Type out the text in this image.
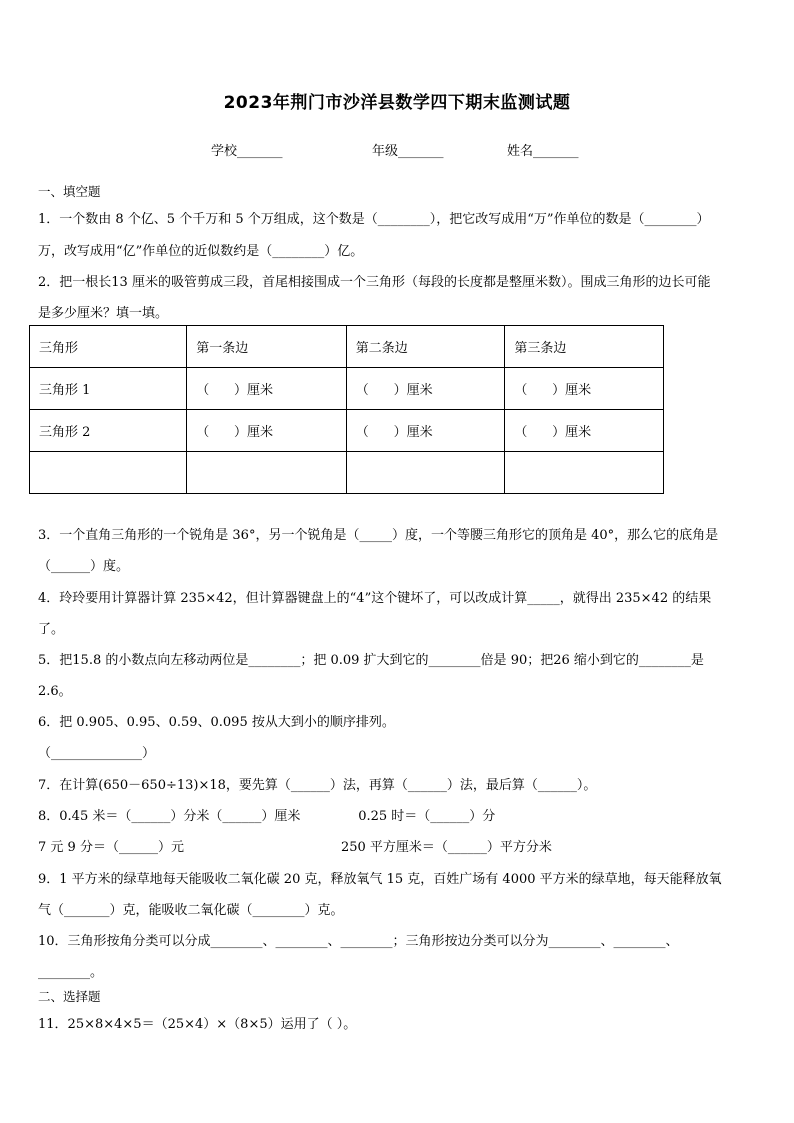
2023年荆门市沙洋县数学四下期末监测试题
学校_______	年级_______	姓名_______
一、填空题
1．一个数由 8 个亿、5 个千万和 5 个万组成，这个数是（________），把它改写成用“万”作单位的数是（________）
万，改写成用“亿”作单位的近似数约是（________）亿。
2．把一根长13 厘米的吸管剪成三段，首尾相接围成一个三角形（每段的长度都是整厘米数）。围成三角形的边长可能
是多少厘米？填一填。
三角形	第一条边	第二条边	第三条边
三角形 1	（      ）厘米	（      ）厘米	（      ）厘米
三角形 2	（      ）厘米	（      ）厘米	（      ）厘米

3．一个直角三角形的一个锐角是 36°，另一个锐角是（_____）度，一个等腰三角形它的顶角是 40°，那么它的底角是
（______）度。
4．玲玲要用计算器计算 235×42，但计算器键盘上的“4”这个键坏了，可以改成计算_____，就得出 235×42 的结果
了。
5．把15.8 的小数点向左移动两位是________；把 0.09 扩大到它的________倍是 90；把26 缩小到它的________是
2.6。
6．把 0.905、0.95、0.59、0.095 按从大到小的顺序排列。
（______________）
7．在计算(650－650÷13)×18，要先算（______）法，再算（______）法，最后算（______）。
8．0.45 米＝（______）分米（______）厘米              0.25 时＝（______）分
7 元 9 分＝（______）元                                      250 平方厘米＝（______）平方分米
9．1 平方米的绿草地每天能吸收二氧化碳 20 克，释放氧气 15 克，百姓广场有 4000 平方米的绿草地，每天能释放氧
气（_______）克，能吸收二氧化碳（________）克。
10．三角形按角分类可以分成________、________、________；三角形按边分类可以分为________、________、
________。
二、选择题
11．25×8×4×5＝（25×4）×（8×5）运用了（ ）。
